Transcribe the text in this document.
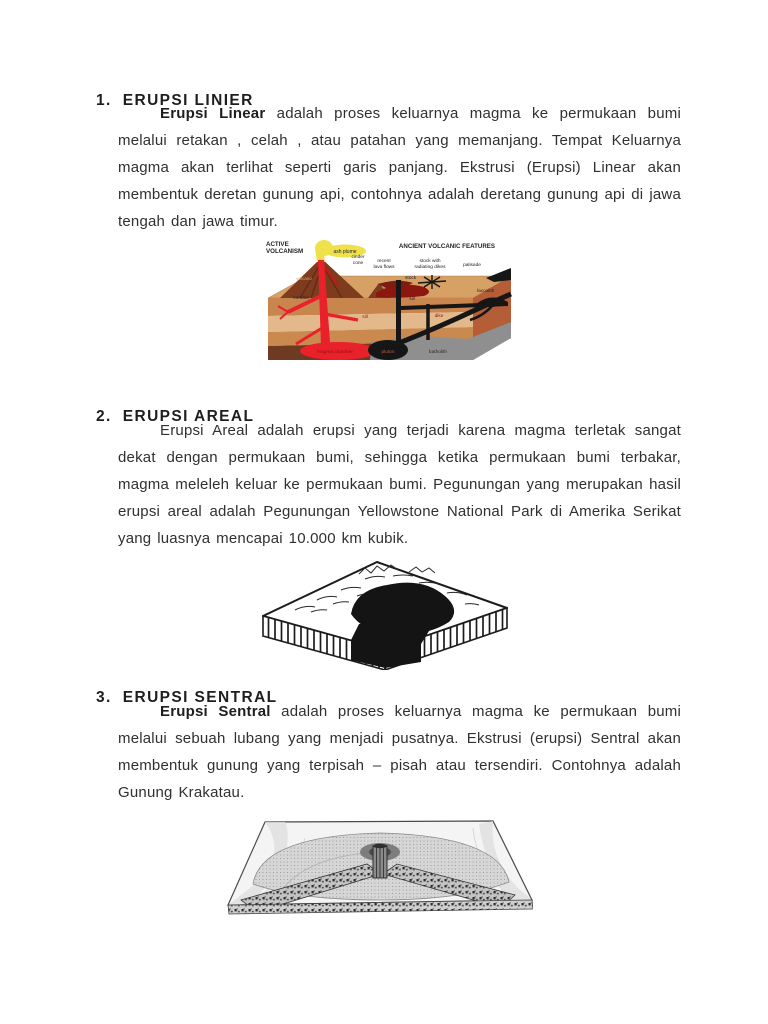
1. ERUPSI LINIER

Erupsi Linear adalah proses keluarnya magma ke permukaan bumi melalui retakan , celah , atau patahan yang memanjang. Tempat Keluarnya magma akan terlihat seperti garis panjang. Ekstrusi (Erupsi) Linear akan membentuk deretan gunung api, contohnya adalah deretang gunung api di jawa tengah dan jawa timur.

ACTIVE
VOLCANISM
ANCIENT VOLCANIC FEATURES
ash plume
cinder
cone	recent
lava flows
stock with
radiating dikes	palisade
volcano	stock
conduit	sill
sill	dike
laccolith
magma chamber	pluton	batholith
2. ERUPSI AREAL

Erupsi Areal adalah erupsi yang terjadi karena magma terletak sangat dekat dengan permukaan bumi, sehingga ketika permukaan bumi terbakar, magma meleleh keluar ke permukaan bumi. Pegunungan yang merupakan hasil erupsi areal adalah Pegunungan Yellowstone National Park di Amerika Serikat yang luasnya mencapai 10.000 km kubik.

3. ERUPSI SENTRAL

Erupsi Sentral adalah proses keluarnya magma ke permukaan bumi melalui sebuah lubang yang menjadi pusatnya. Ekstrusi (erupsi) Sentral akan membentuk gunung yang terpisah – pisah atau tersendiri. Contohnya adalah Gunung Krakatau.
